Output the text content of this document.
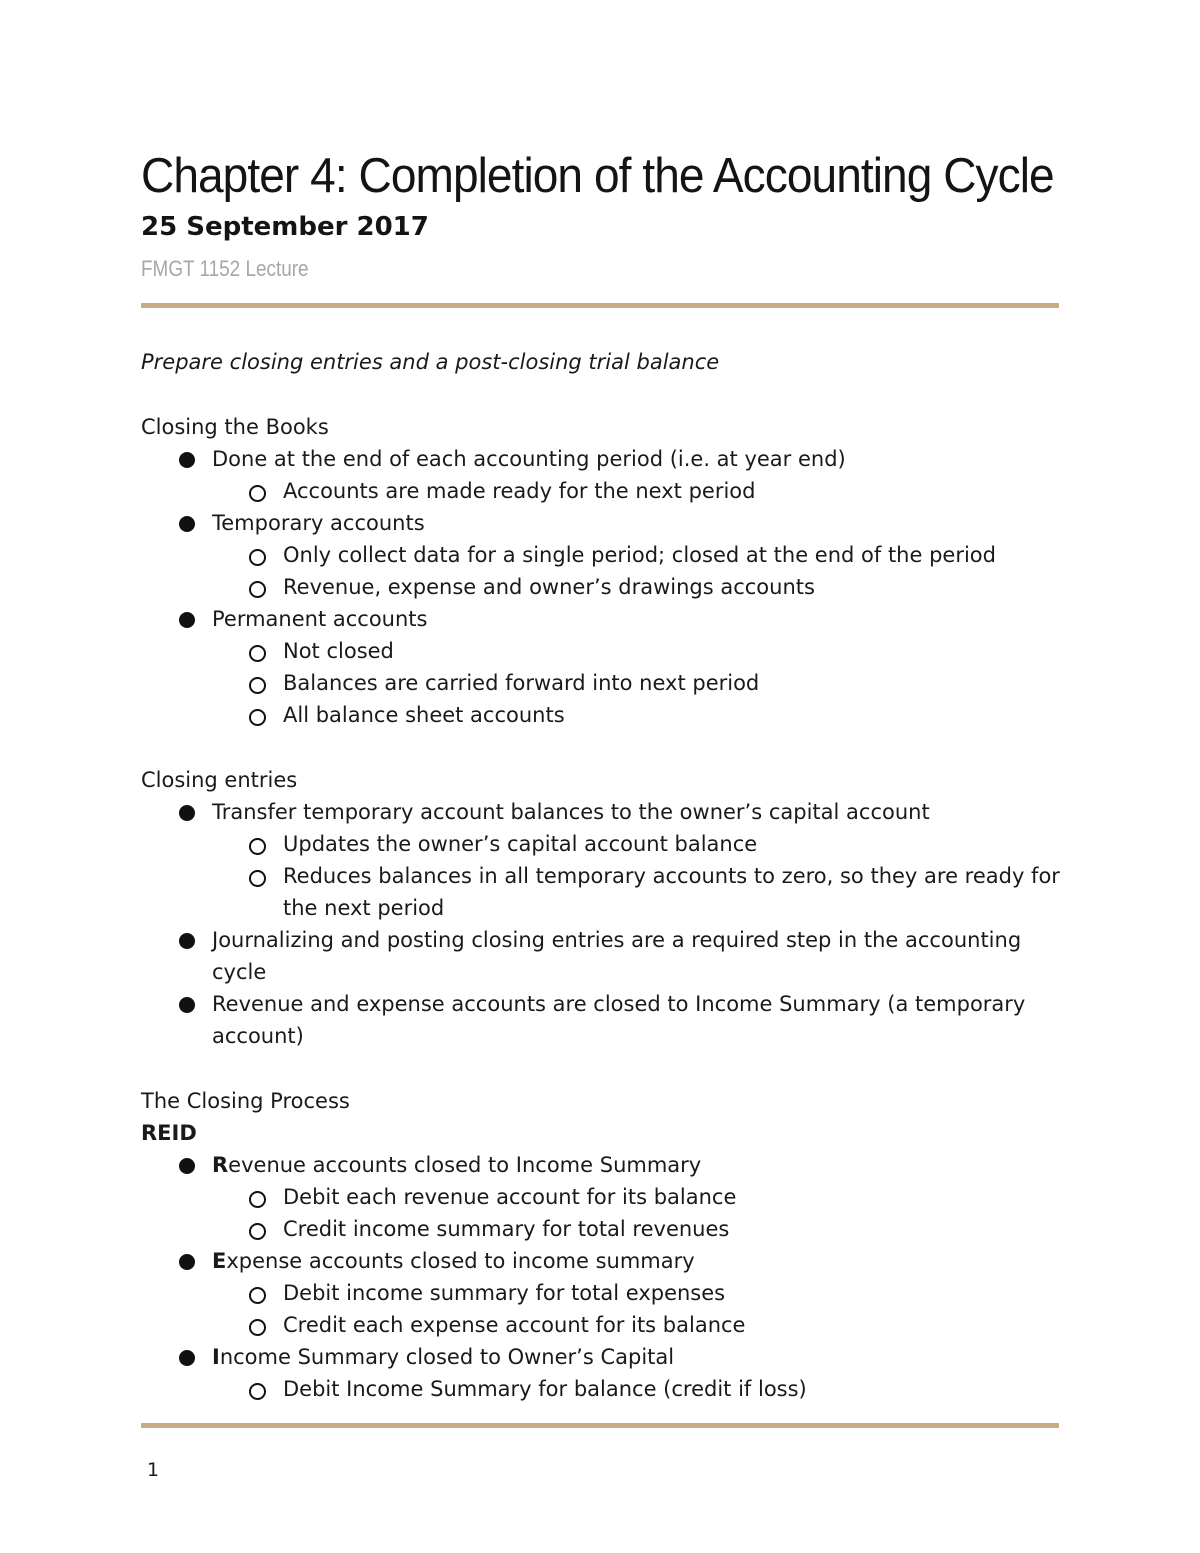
Chapter 4: Completion of the Accounting Cycle

25 September 2017

FMGT 1152 Lecture

Prepare closing entries and a post-closing trial balance

Closing the Books

Done at the end of each accounting period (i.e. at year end)
Accounts are made ready for the next period
Temporary accounts
Only collect data for a single period; closed at the end of the period
Revenue, expense and owner’s drawings accounts
Permanent accounts
Not closed
Balances are carried forward into next period
All balance sheet accounts

Closing entries

Transfer temporary account balances to the owner’s capital account
Updates the owner’s capital account balance
Reduces balances in all temporary accounts to zero, so they are ready for the next period
Journalizing and posting closing entries are a required step in the accounting cycle
Revenue and expense accounts are closed to Income Summary (a temporary account)

The Closing Process

REID

Revenue accounts closed to Income Summary
Debit each revenue account for its balance
Credit income summary for total revenues
Expense accounts closed to income summary
Debit income summary for total expenses
Credit each expense account for its balance
Income Summary closed to Owner’s Capital
Debit Income Summary for balance (credit if loss)

1
